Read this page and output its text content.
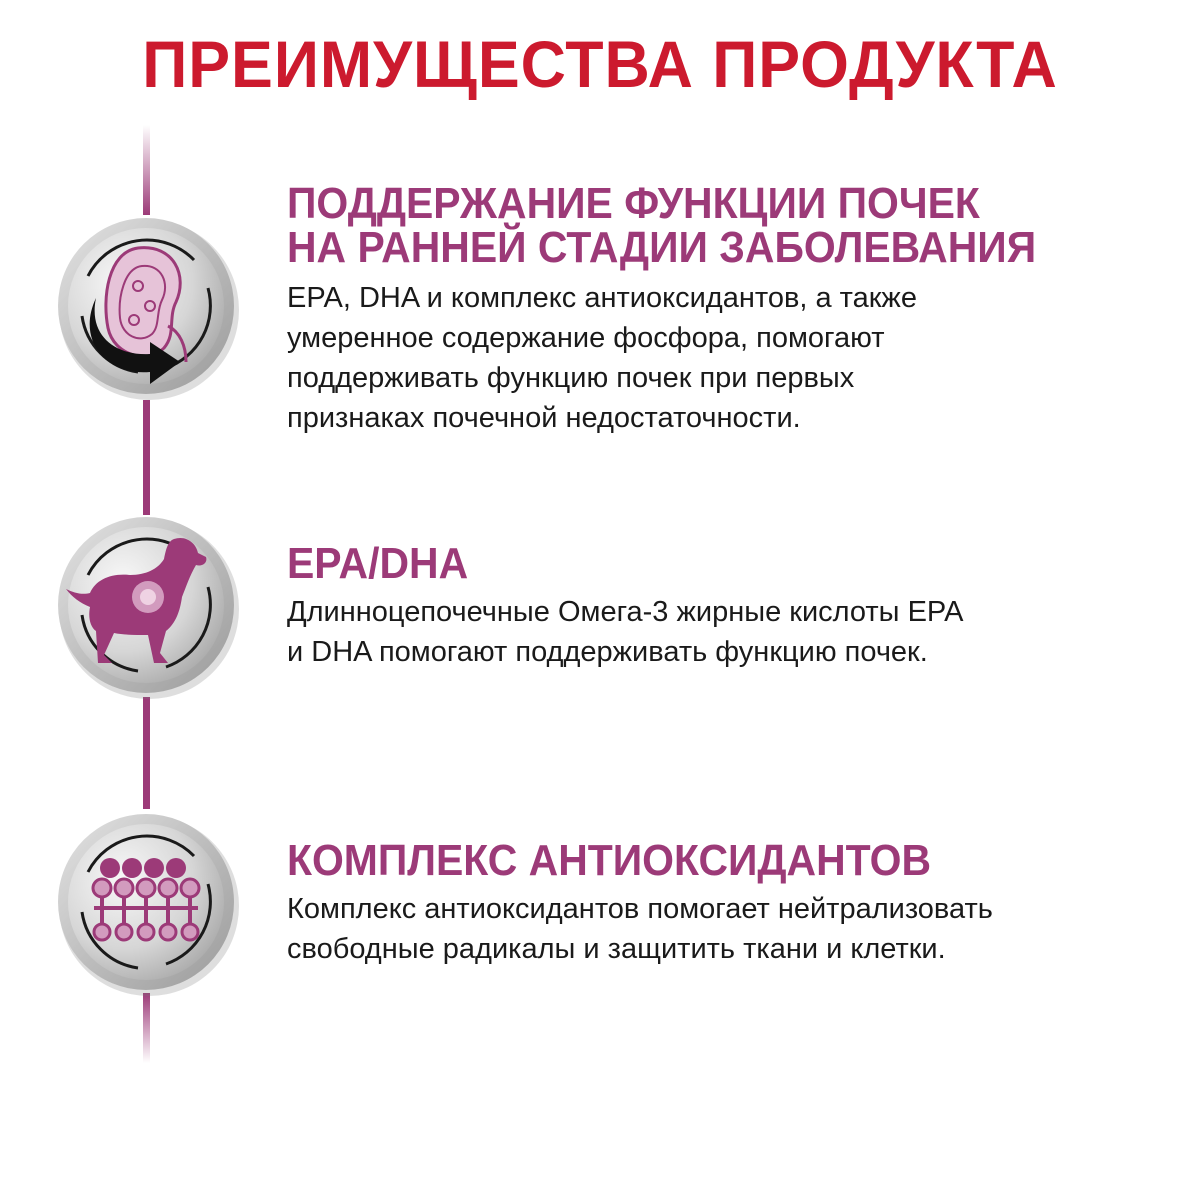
ПРЕИМУЩЕСТВА ПРОДУКТА
ПОДДЕРЖАНИЕ ФУНКЦИИ ПОЧЕК
НА РАННЕЙ СТАДИИ ЗАБОЛЕВАНИЯ
EPA, DHA и комплекс антиоксидантов, а также
умеренное содержание фосфора, помогают
поддерживать функцию почек при первых
признаках почечной недостаточности.
EPA/DHA
Длинноцепочечные Омега-3 жирные кислоты EPA
и DHA помогают поддерживать функцию почек.
КОМПЛЕКС АНТИОКСИДАНТОВ
Комплекс антиоксидантов помогает нейтрализовать
свободные радикалы и защитить ткани и клетки.
